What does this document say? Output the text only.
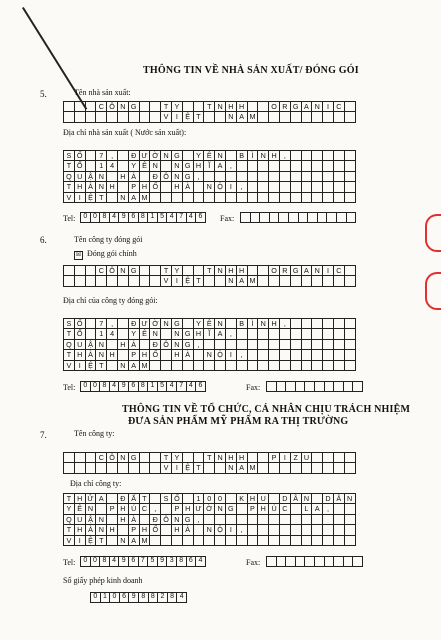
THÔNG TIN VỀ NHÀ SẢN XUẤT/ ĐÓNG GÓI
5.	Tên nhà sản xuất:
C Ô N G	T Y	T N H H	O R G A N I	C
V	I	Ệ T	N A M
Địa chỉ nhà sản xuất ( Nước sản xuất):
S Ố	7	,	Đ Ư Ờ N G	Y Ê N	B	Ì	N H ,
T Ổ	1 4	Y Ê N	N G H Ĩ	A	,
Q U Ậ N	H À	Đ Ô N G ,
T H À N H	P H Ố	H À	N Ộ I	,
V	I	Ệ T	N A M
Tel:	0 0 8 4 9 6 8 1 5 4 7 4 6	Fax:
6.	Tên công ty đóng gói
☒ Đóng gói chính
C Ô N G	T Y	T N H H	O R G A N I	C
V	I	Ệ T	N A M
Địa chỉ của công ty đóng gói:
S Ố	7	,	Đ Ư Ờ N G	Y Ê N	B	Ì	N H ,
T Ổ	1 4	Y Ê N	N G H Ĩ	A	,
Q U Ậ N	H À	Đ Ô N G ,
T H À N H	P H Ố	H À	N Ộ I	,
V	I	Ệ T	N A M
Tel:	0 0 8 4 9 6 8 1 5 4 7 4 6	Fax:
THÔNG TIN VỀ TỔ CHỨC, CÁ NHÂN CHỊU TRÁCH NHIỆM
ĐƯA SẢN PHẨM MỸ PHẨM RA THỊ TRƯỜNG
7.	Tên công ty:
C Ô N G	T Y	T N H H	P	I	Z U
V	I	Ệ T	N A M
Địa chỉ công ty:
T H Ử A	Đ Ấ T	S Ố	1 0 0	K H U	D Â N	D Â N
Y Ê N	P H Ú C ,	P H Ư Ờ N G	P H Ú C	L A	,
Q U Ậ N	H À	Đ Ô N G ,
T H À N H	P H Ố	H À	N Ộ I	,
V	I	Ệ T	N A M
Tel:	0 0 8 4 9 6 7 5 9 3 8 6 4	Fax:
Số giấy phép kinh doanh
0 1 0 6 9 8 8 2 8 4
